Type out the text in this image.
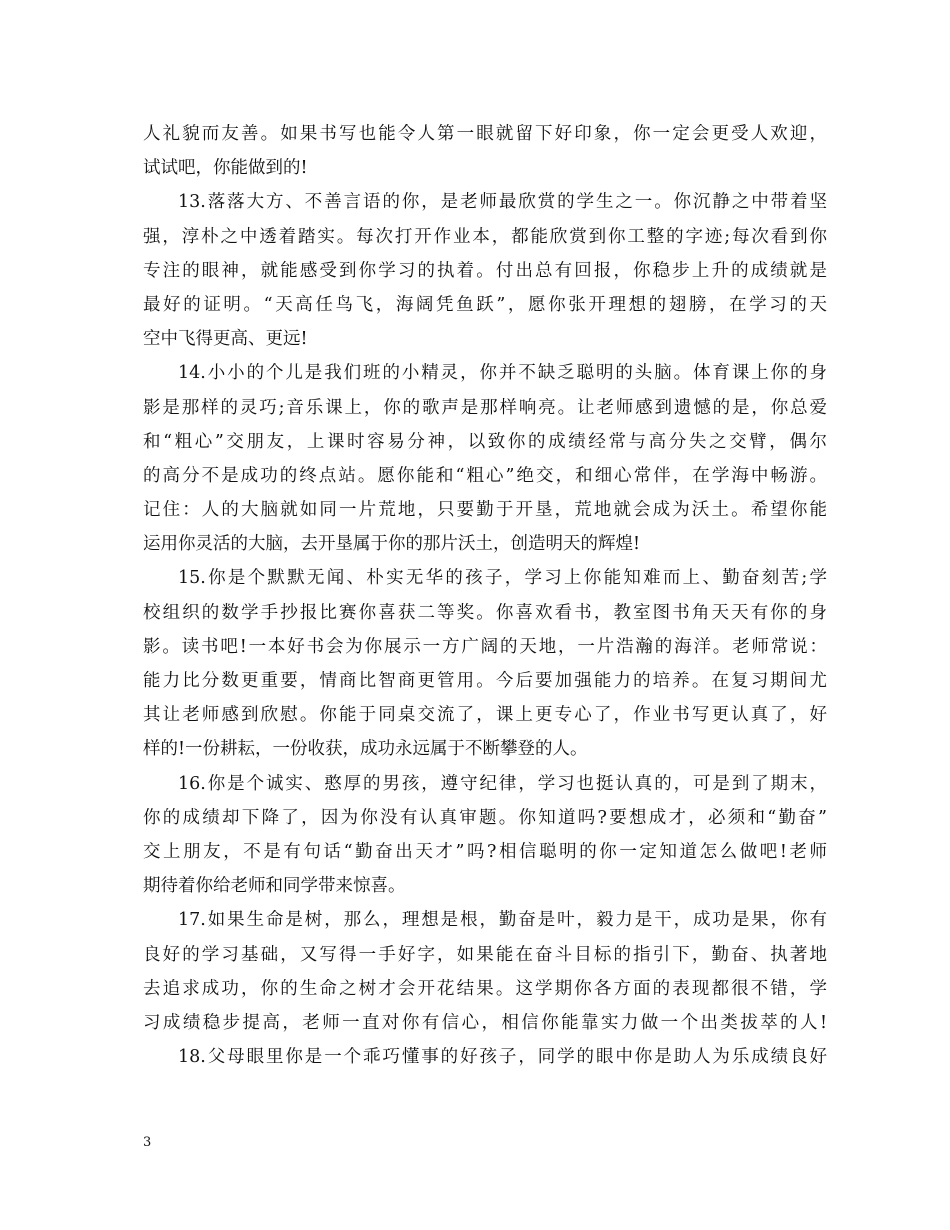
人礼貌而友善。如果书写也能令人第一眼就留下好印象，你一定会更受人欢迎，
试试吧，你能做到的!
13.落落大方、不善言语的你，是老师最欣赏的学生之一。你沉静之中带着坚
强，淳朴之中透着踏实。每次打开作业本，都能欣赏到你工整的字迹;每次看到你
专注的眼神，就能感受到你学习的执着。付出总有回报，你稳步上升的成绩就是
最好的证明。“天高任鸟飞，海阔凭鱼跃”，愿你张开理想的翅膀，在学习的天
空中飞得更高、更远!
14.小小的个儿是我们班的小精灵，你并不缺乏聪明的头脑。体育课上你的身
影是那样的灵巧;音乐课上，你的歌声是那样响亮。让老师感到遗憾的是，你总爱
和“粗心”交朋友，上课时容易分神，以致你的成绩经常与高分失之交臂，偶尔
的高分不是成功的终点站。愿你能和“粗心”绝交，和细心常伴，在学海中畅游。
记住：人的大脑就如同一片荒地，只要勤于开垦，荒地就会成为沃土。希望你能
运用你灵活的大脑，去开垦属于你的那片沃土，创造明天的辉煌!
15.你是个默默无闻、朴实无华的孩子，学习上你能知难而上、勤奋刻苦;学
校组织的数学手抄报比赛你喜获二等奖。你喜欢看书，教室图书角天天有你的身
影。读书吧!一本好书会为你展示一方广阔的天地，一片浩瀚的海洋。老师常说：
能力比分数更重要，情商比智商更管用。今后要加强能力的培养。在复习期间尤
其让老师感到欣慰。你能于同桌交流了，课上更专心了，作业书写更认真了，好
样的!一份耕耘，一份收获，成功永远属于不断攀登的人。
16.你是个诚实、憨厚的男孩，遵守纪律，学习也挺认真的，可是到了期末，
你的成绩却下降了，因为你没有认真审题。你知道吗?要想成才，必须和“勤奋”
交上朋友，不是有句话“勤奋出天才”吗?相信聪明的你一定知道怎么做吧!老师
期待着你给老师和同学带来惊喜。
17.如果生命是树，那么，理想是根，勤奋是叶，毅力是干，成功是果，你有
良好的学习基础，又写得一手好字，如果能在奋斗目标的指引下，勤奋、执著地
去追求成功，你的生命之树才会开花结果。这学期你各方面的表现都很不错，学
习成绩稳步提高，老师一直对你有信心，相信你能靠实力做一个出类拔萃的人!
18.父母眼里你是一个乖巧懂事的好孩子，同学的眼中你是助人为乐成绩良好
3
